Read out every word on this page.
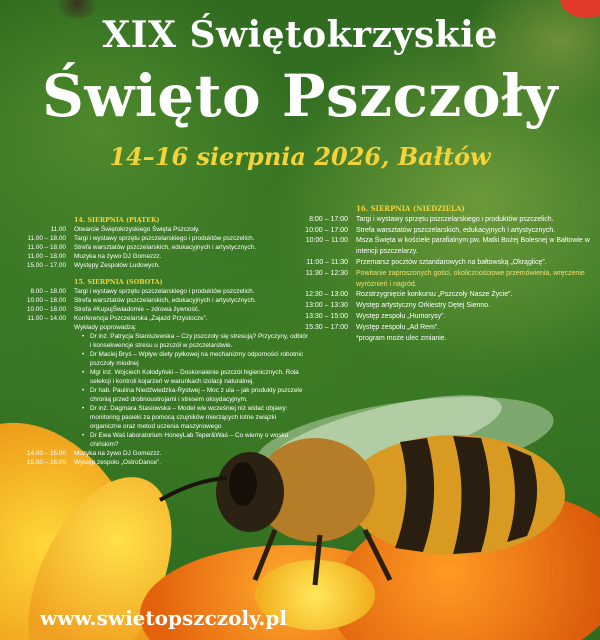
XIX Świętokrzyskie
Święto Pszczoły
14–16 sierpnia 2026, Bałtów
14. SIERPNIA (PIĄTEK)
11.00	Otwarcie Świętokrzyskiego Święta Pszczoły.
11.00 – 18.00	Targi i wystawy sprzętu pszczelarskiego i produktów pszczelich.
11.00 – 18.00	Strefa warsztatów pszczelarskich, edukacyjnych i artystycznych.
11.00 – 18.00	Muzyka na żywo DJ Gomezzz.
15.00 – 17.00	Występy Zespołów Ludowych.
15. SIERPNIA (SOBOTA)
8.00 – 18.00	Targi i wystawy sprzętu pszczelarskiego i produktów pszczelich.
10.00 – 18.00	Strefa warsztatów pszczelarskich, edukacyjnych i artystycznych.
10.00 – 18.00	Strefa #KupujŚwiadomie – zdrowa żywność.
11.00 – 14.00	Konferencja Pszczelarska „Zajazd Przystocze”.
Wykłady poprowadzą:
• Dr inż. Patrycja Staniszewska – Czy pszczoły się stresują? Przyczyny, odbiór i konsekwencje stresu u pszczół w pszczelarstwie.
• Dr Maciej Bryś – Wpływ diety pyłkowej na mechanizmy odporności robotnic pszczoły miodnej
• Mgr inż. Wojciech Kołodyński – Doskonalenie pszczół higienicznych. Rola selekcji i kontroli kojarzeń w warunkach izolacji naturalnej.
• Dr hab. Paulina Niedźwiedzka-Rystwej – Moc z ula – jak produkty pszczele chronią przed drobnoustrojami i stresem oksydacyjnym.
• Dr inż. Dagmara Stasiowska – Model wie wcześniej niż widać objawy: monitoring pasieki za pomocą czujników mierzących lotne związki organiczne oraz metod uczenia maszynowego
• Dr Ewa Waś laboratorium HoneyLab Teper&Waś – Co wiemy o wosku chińskim?
14.00 – 15.00	Muzyka na żywo DJ Gomezzz.
15.00 – 16.00	Występ zespołu „OstroDance”.
16. SIERPNIA (NIEDZIELA)
8:00 – 17:00	Targi i wystawy sprzętu pszczelarskiego i produktów pszczelich.
10:00 – 17:00	Strefa warsztatów pszczelarskich, edukacyjnych i artystycznych.
10:00 – 11:00	Msza Święta w kościele parafialnym pw. Matki Bożej Bolesnej w Bałtowie w intencji pszczelarzy.
11:00 – 11:30	Przemarsz pocztów sztandarowych na bałtowską „Okrąglicę”.
11:30 – 12:30	Powitanie zaproszonych gości, okolicznościowe przemówienia, wręczenie wyróżnień i nagród.
12:30 – 13:00	Rozstrzygnięcie konkursu „Pszczoły Nasze Życie”.
13:00 – 13:30	Występ artystyczny Orkiestry Dętej Sienno.
13:30 – 15:00	Występ zespołu „Humorysy”.
15:30 – 17:00	Występ zespołu „Ad Rem”.
*program może ulec zmianie.
www.swietopszczoly.pl
